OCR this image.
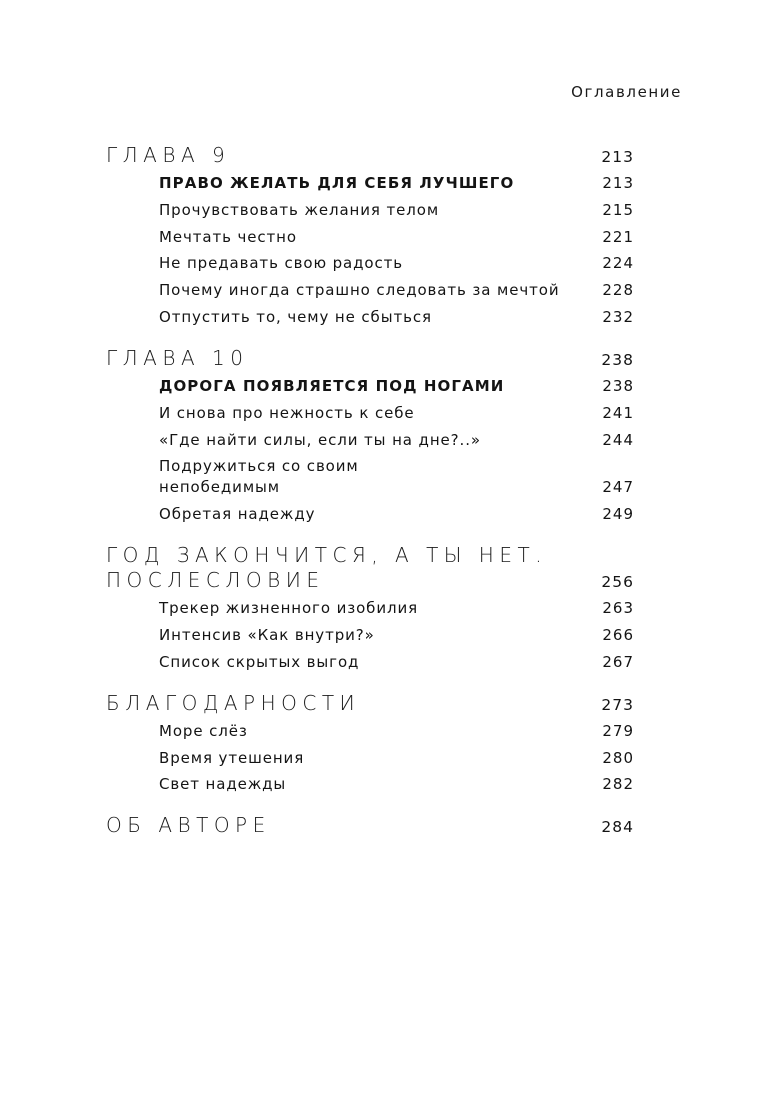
Оглавление
ГЛАВА 9	213
ПРАВО ЖЕЛАТЬ ДЛЯ СЕБЯ ЛУЧШЕГО	213
Прочувствовать желания телом	215
Мечтать честно	221
Не предавать свою радость	224
Почему иногда страшно следовать за мечтой	228
Отпустить то, чему не сбыться	232
ГЛАВА 10	238
ДОРОГА ПОЯВЛЯЕТСЯ ПОД НОГАМИ	238
И снова про нежность к себе	241
«Где найти силы, если ты на дне?..»	244
Подружиться со своим
непобедимым	247
Обретая надежду	249
ГОД ЗАКОНЧИТСЯ, А ТЫ НЕТ.
ПОСЛЕСЛОВИЕ	256
Трекер жизненного изобилия	263
Интенсив «Как внутри?»	266
Список скрытых выгод	267
БЛАГОДАРНОСТИ	273
Море слёз	279
Время утешения	280
Свет надежды	282
ОБ АВТОРЕ	284
